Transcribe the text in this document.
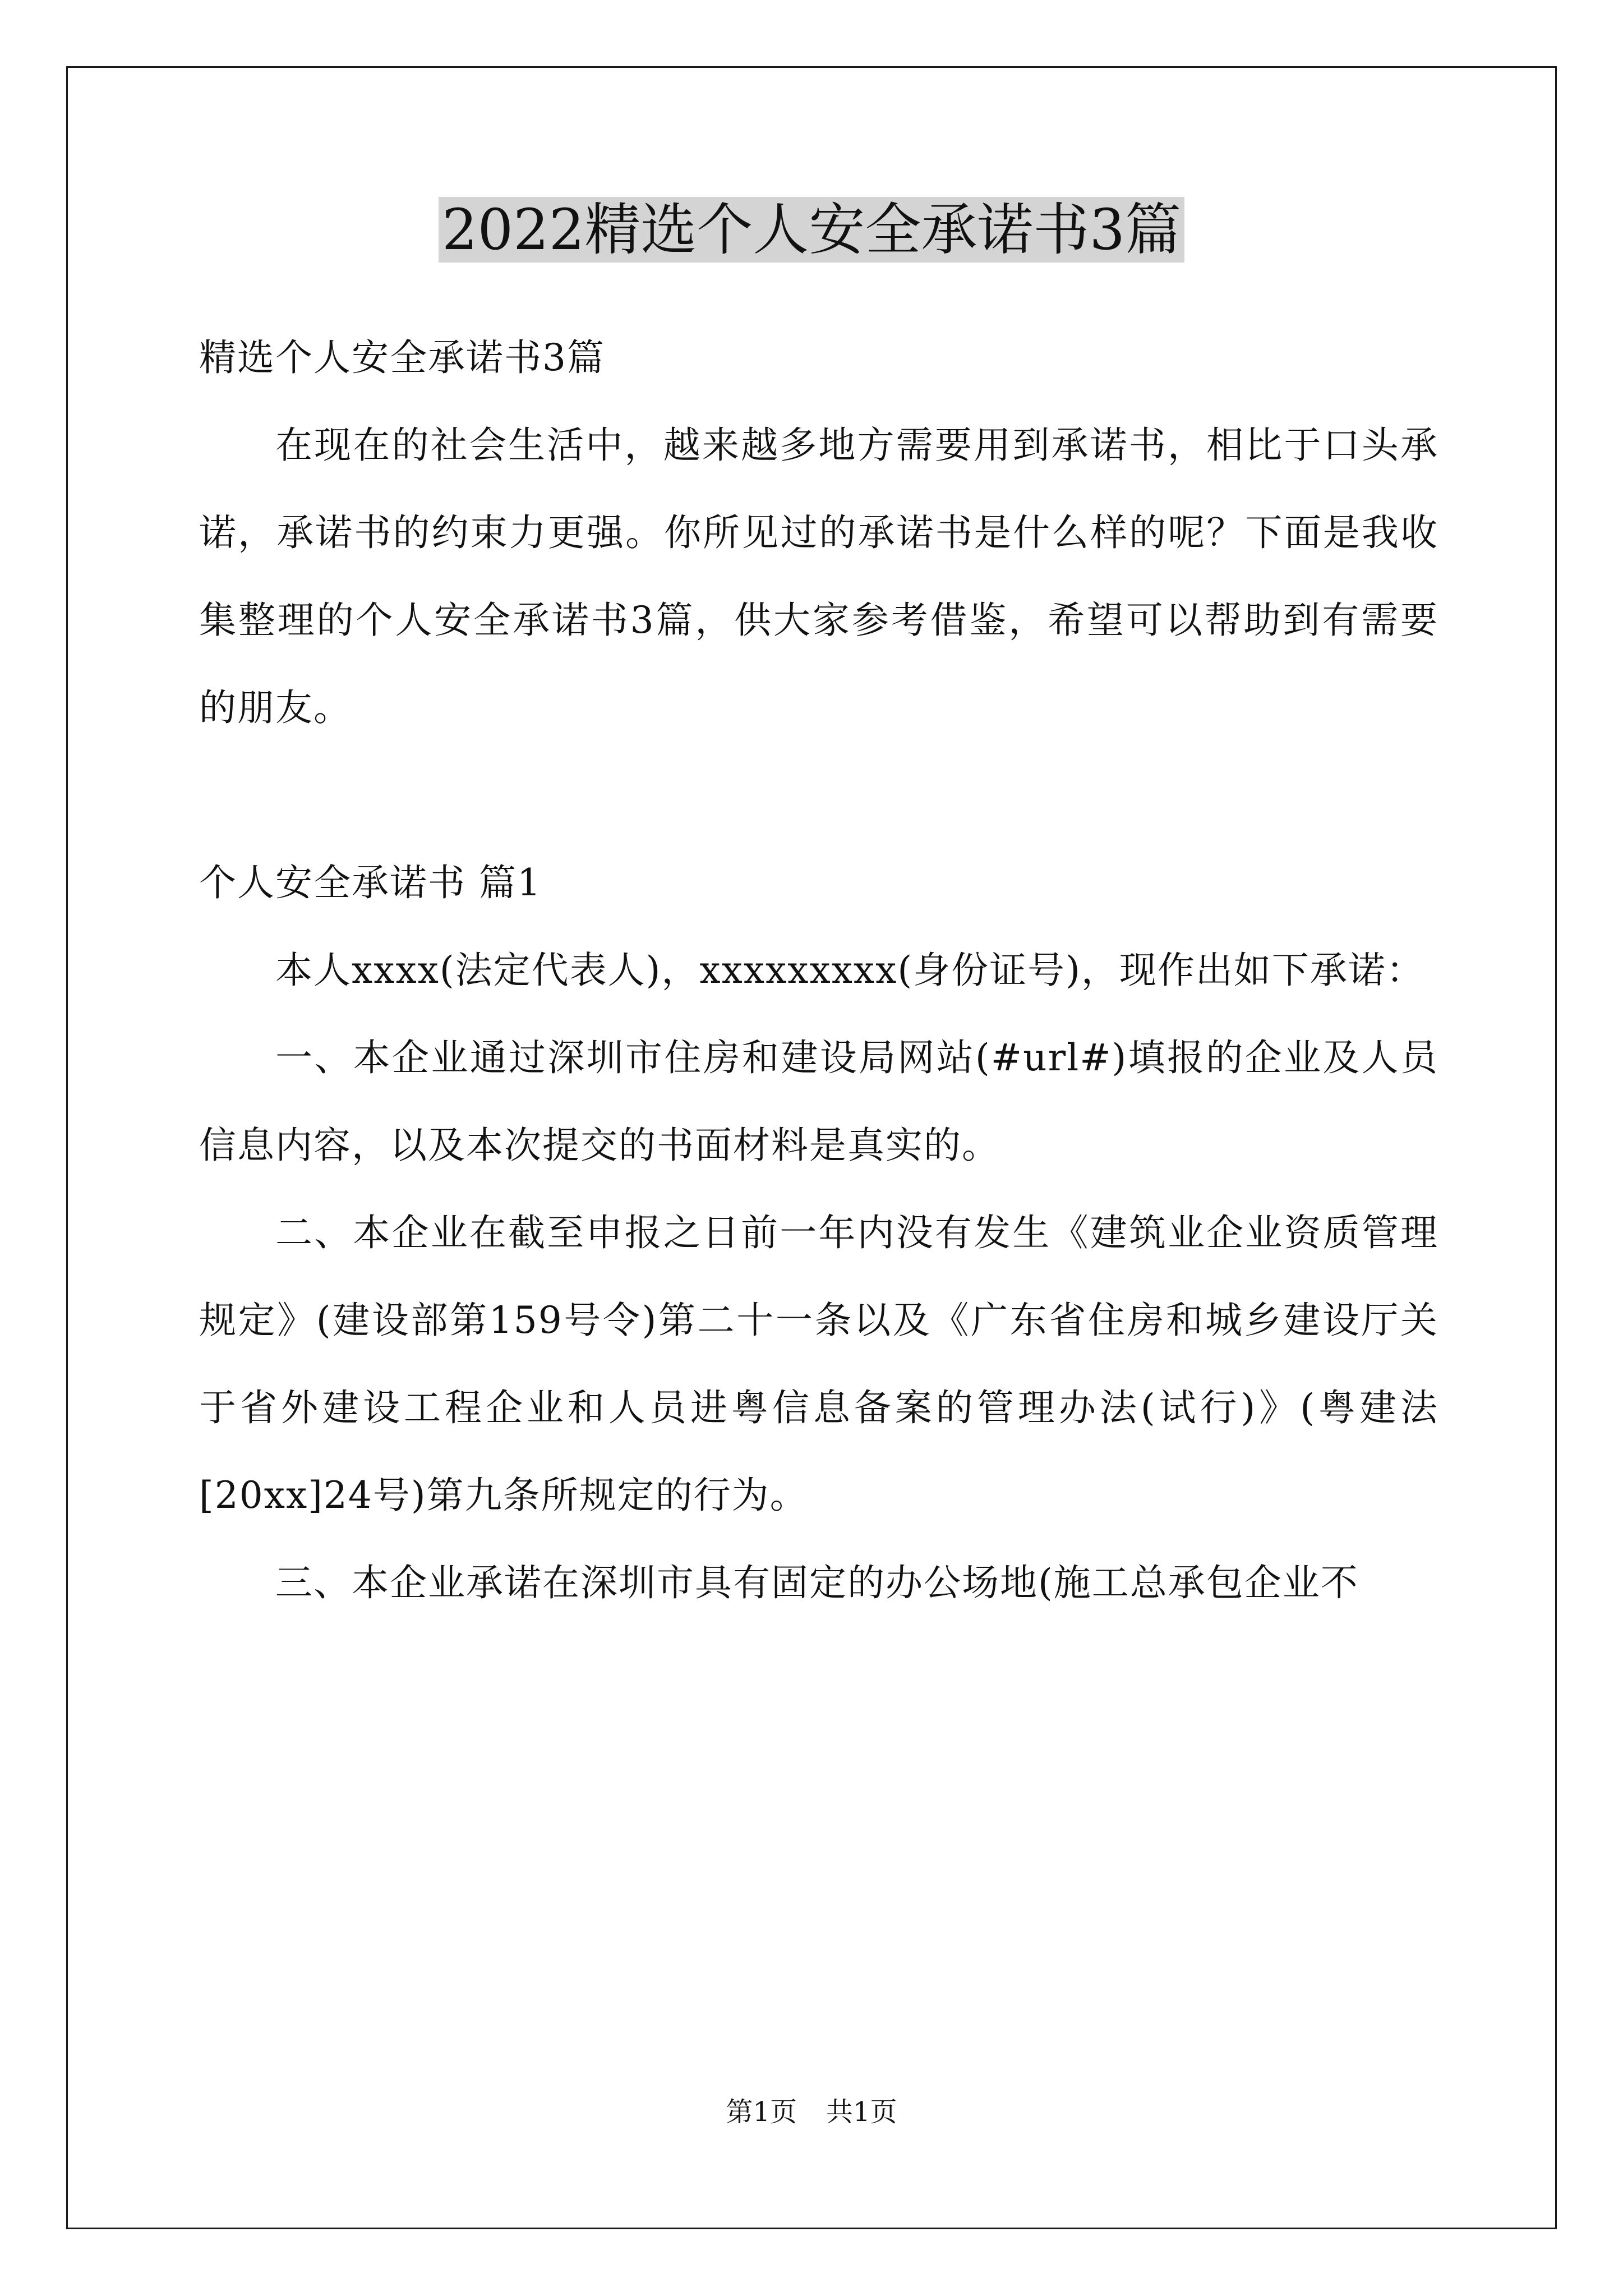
2022精选个人安全承诺书3篇

精选个人安全承诺书3篇

在现在的社会生活中，越来越多地方需要用到承诺书，相比于口头承诺，承诺书的约束力更强。你所见过的承诺书是什么样的呢？下面是我收集整理的个人安全承诺书3篇，供大家参考借鉴，希望可以帮助到有需要的朋友。

个人安全承诺书 篇1

本人xxxx(法定代表人)，xxxxxxxxx(身份证号)，现作出如下承诺：

一、本企业通过深圳市住房和建设局网站(#url#)填报的企业及人员信息内容，以及本次提交的书面材料是真实的。

二、本企业在截至申报之日前一年内没有发生《建筑业企业资质管理规定》(建设部第159号令)第二十一条以及《广东省住房和城乡建设厅关于省外建设工程企业和人员进粤信息备案的管理办法(试行)》(粤建法[20xx]24号)第九条所规定的行为。

三、本企业承诺在深圳市具有固定的办公场地(施工总承包企业不

第1页 共1页
